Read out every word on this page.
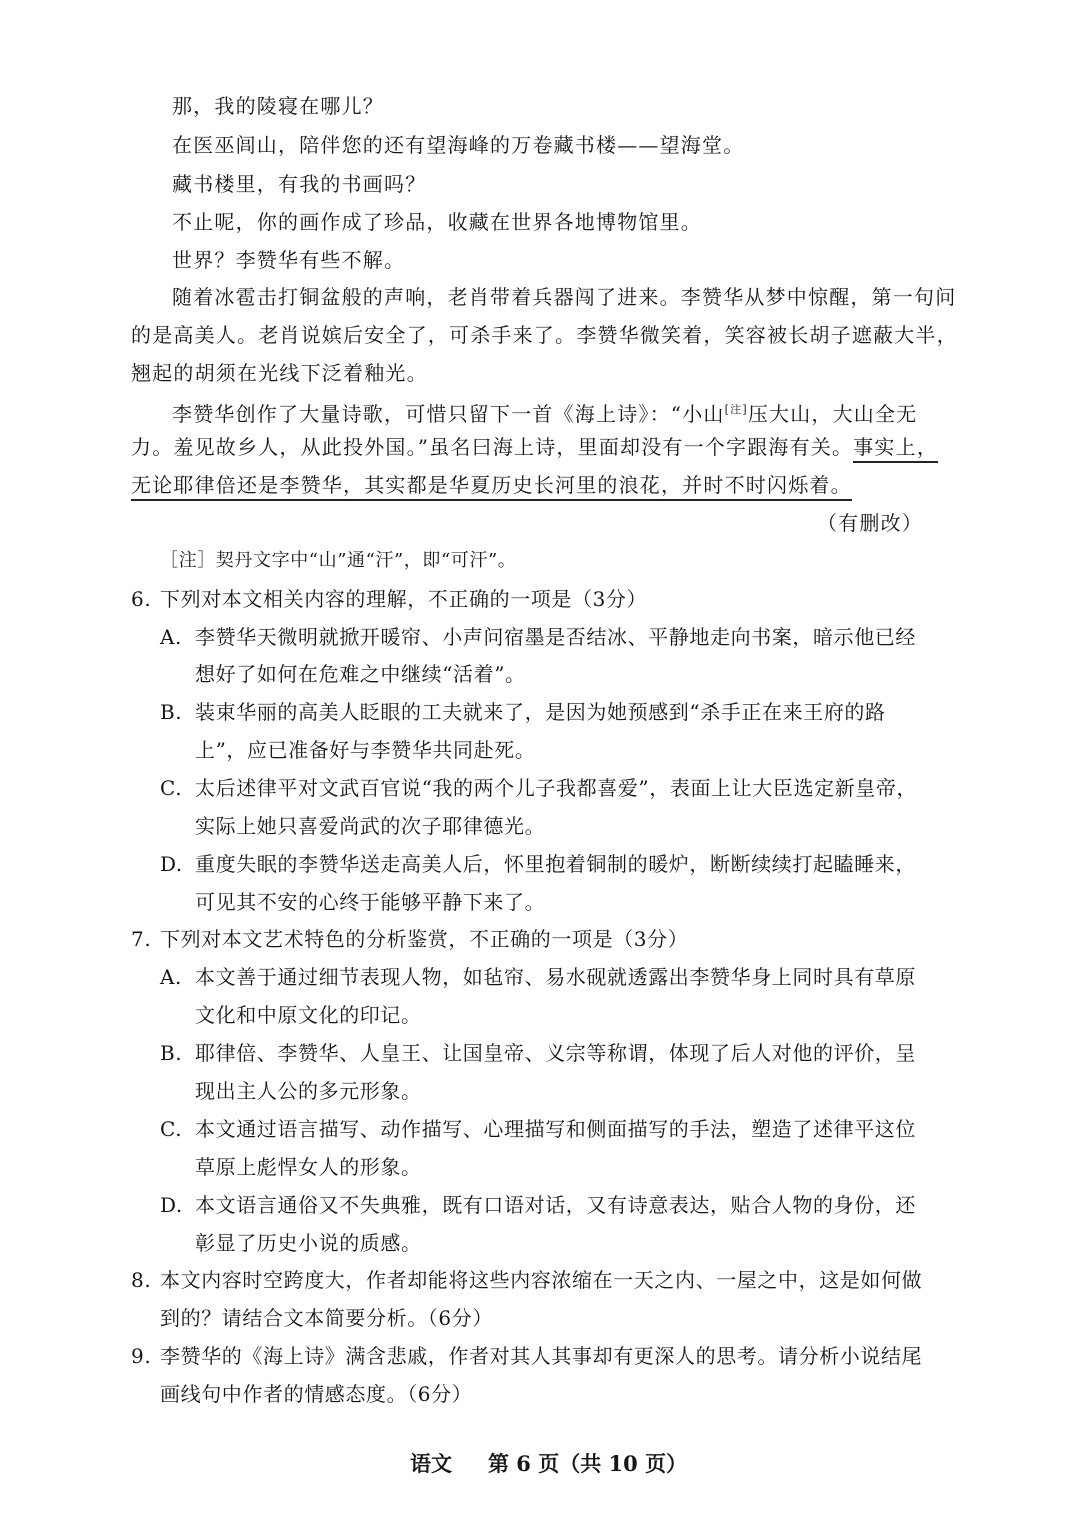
那，我的陵寝在哪儿？
在医巫闾山，陪伴您的还有望海峰的万卷藏书楼——望海堂。
藏书楼里，有我的书画吗？
不止呢，你的画作成了珍品，收藏在世界各地博物馆里。
世界？李赞华有些不解。
随着冰雹击打铜盆般的声响，老肖带着兵器闯了进来。李赞华从梦中惊醒，第一句问
的是高美人。老肖说嫔后安全了，可杀手来了。李赞华微笑着，笑容被长胡子遮蔽大半，
翘起的胡须在光线下泛着釉光。
李赞华创作了大量诗歌，可惜只留下一首《海上诗》：“小山[注]压大山，大山全无
力。羞见故乡人，从此投外国。”虽名曰海上诗，里面却没有一个字跟海有关。事实上，
无论耶律倍还是李赞华，其实都是华夏历史长河里的浪花，并时不时闪烁着。
（有删改）
［注］契丹文字中“山”通“汗”，即“可汗”。
6. 下列对本文相关内容的理解，不正确的一项是（3分）
A. 李赞华天微明就掀开暖帘、小声问宿墨是否结冰、平静地走向书案，暗示他已经
想好了如何在危难之中继续“活着”。
B. 装束华丽的高美人眨眼的工夫就来了，是因为她预感到“杀手正在来王府的路
上”，应已准备好与李赞华共同赴死。
C. 太后述律平对文武百官说“我的两个儿子我都喜爱”，表面上让大臣选定新皇帝，
实际上她只喜爱尚武的次子耶律德光。
D. 重度失眠的李赞华送走高美人后，怀里抱着铜制的暖炉，断断续续打起瞌睡来，
可见其不安的心终于能够平静下来了。
7. 下列对本文艺术特色的分析鉴赏，不正确的一项是（3分）
A. 本文善于通过细节表现人物，如毡帘、易水砚就透露出李赞华身上同时具有草原
文化和中原文化的印记。
B. 耶律倍、李赞华、人皇王、让国皇帝、义宗等称谓，体现了后人对他的评价，呈
现出主人公的多元形象。
C. 本文通过语言描写、动作描写、心理描写和侧面描写的手法，塑造了述律平这位
草原上彪悍女人的形象。
D. 本文语言通俗又不失典雅，既有口语对话，又有诗意表达，贴合人物的身份，还
彰显了历史小说的质感。
8. 本文内容时空跨度大，作者却能将这些内容浓缩在一天之内、一屋之中，这是如何做
到的？请结合文本简要分析。（6分）
9. 李赞华的《海上诗》满含悲戚，作者对其人其事却有更深人的思考。请分析小说结尾
画线句中作者的情感态度。（6分）
语文 第 6 页（共 10 页）
